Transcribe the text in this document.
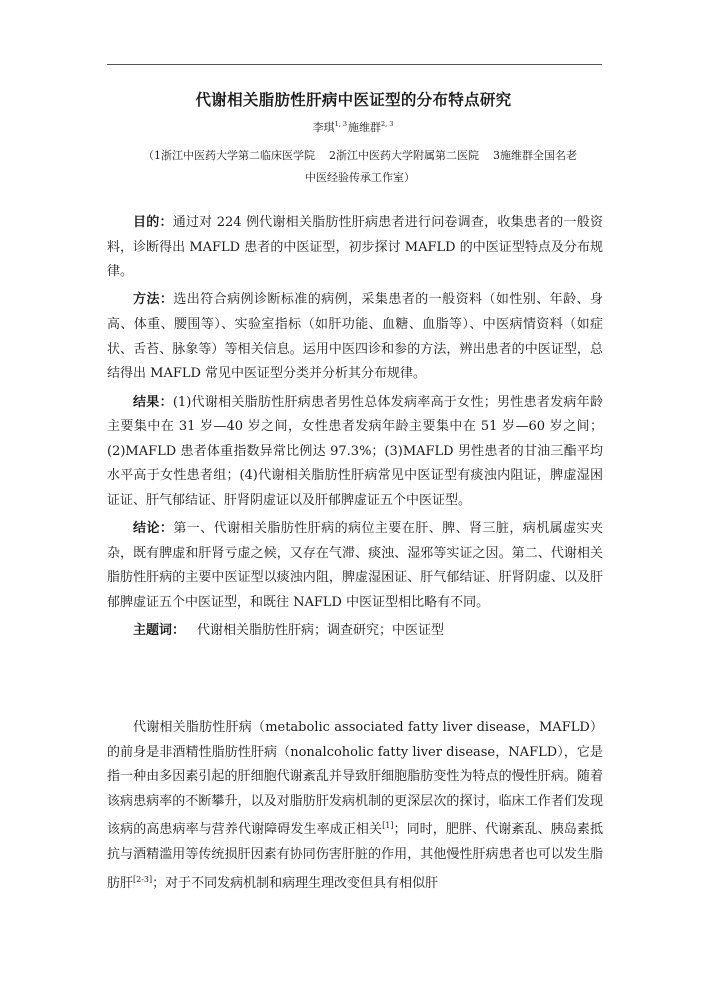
代谢相关脂肪性肝病中医证型的分布特点研究
李琪$^{1, 3}$施维群$^{2, 3}$
（1浙江中医药大学第二临床医学院    2浙江中医药大学附属第二医院    3施维群全国名老
中医经验传承工作室）

目的：通过对 224 例代谢相关脂肪性肝病患者进行问卷调查，收集患者的一般资料，诊断得出 MAFLD 患者的中医证型，初步探讨 MAFLD 的中医证型特点及分布规律。

方法：选出符合病例诊断标准的病例，采集患者的一般资料（如性别、年龄、身高、体重、腰围等）、实验室指标（如肝功能、血糖、血脂等）、中医病情资料（如症状、舌苔、脉象等）等相关信息。运用中医四诊和参的方法，辨出患者的中医证型，总结得出 MAFLD 常见中医证型分类并分析其分布规律。

结果：(1)代谢相关脂肪性肝病患者男性总体发病率高于女性；男性患者发病年龄主要集中在 31 岁—40 岁之间，女性患者发病年龄主要集中在 51 岁—60 岁之间；(2)MAFLD 患者体重指数异常比例达 97.3%；(3)MAFLD 男性患者的甘油三酯平均水平高于女性患者组；(4)代谢相关脂肪性肝病常见中医证型有痰浊内阻证，脾虚湿困证证、肝气郁结证、肝肾阴虚证以及肝郁脾虚证五个中医证型。

结论：第一、代谢相关脂肪性肝病的病位主要在肝、脾、肾三脏，病机属虚实夹杂，既有脾虚和肝肾亏虚之候，又存在气滞、痰浊、湿邪等实证之因。第二、代谢相关脂肪性肝病的主要中医证型以痰浊内阻，脾虚湿困证、肝气郁结证、肝肾阴虚、以及肝郁脾虚证五个中医证型，和既往 NAFLD 中医证型相比略有不同。

主题词： 代谢相关脂肪性肝病；调查研究；中医证型

代谢相关脂肪性肝病（metabolic associated fatty liver disease，MAFLD）的前身是非酒精性脂肪性肝病（nonalcoholic fatty liver disease，NAFLD），它是指一种由多因素引起的肝细胞代谢紊乱并导致肝细胞脂肪变性为特点的慢性肝病。随着该病患病率的不断攀升，以及对脂肪肝发病机制的更深层次的探讨，临床工作者们发现该病的高患病率与营养代谢障碍发生率成正相关[1]；同时，肥胖、代谢紊乱、胰岛素抵抗与酒精滥用等传统损肝因素有协同伤害肝脏的作用，其他慢性肝病患者也可以发生脂肪肝[2-3]；对于不同发病机制和病理生理改变但具有相似肝
